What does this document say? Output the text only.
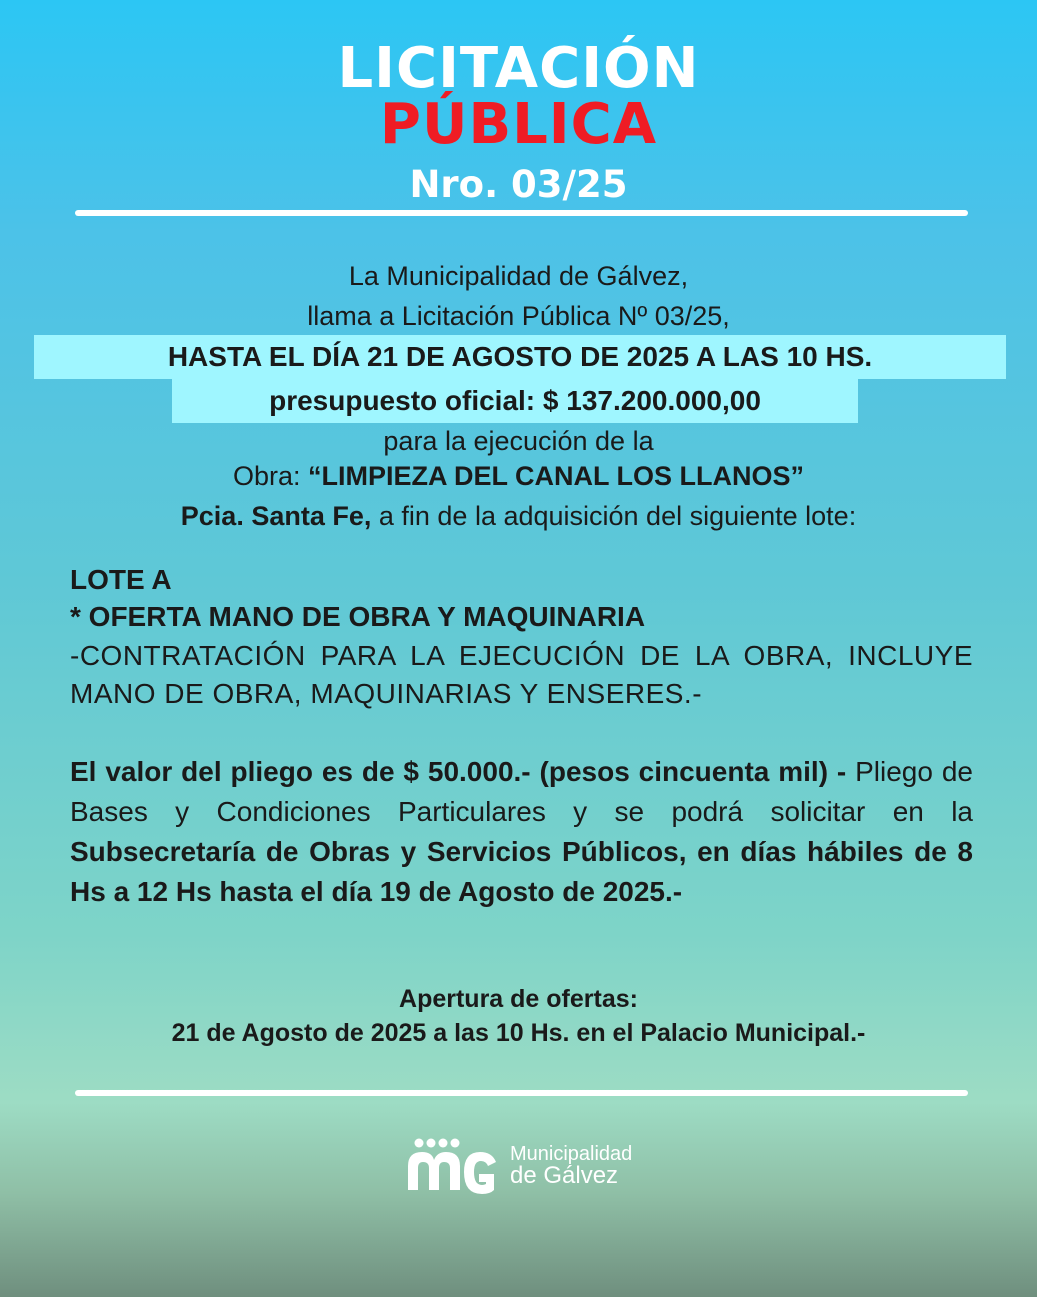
LICITACIÓN
PÚBLICA
Nro. 03/25
La Municipalidad de Gálvez,
llama a Licitación Pública Nº 03/25,
HASTA EL DÍA 21 DE AGOSTO DE 2025 A LAS 10 HS.
presupuesto oficial: $ 137.200.000,00
para la ejecución de la
Obra: “LIMPIEZA DEL CANAL LOS LLANOS”
Pcia. Santa Fe, a fin de la adquisición del siguiente lote:
LOTE A
* OFERTA MANO DE OBRA Y MAQUINARIA
-CONTRATACIÓN PARA LA EJECUCIÓN DE LA OBRA, INCLUYE MANO DE OBRA, MAQUINARIAS Y ENSERES.-
El valor del pliego es de $ 50.000.- (pesos cincuenta mil) - Pliego de Bases y Condiciones Particulares y se podrá solicitar en la Subsecretaría de Obras y Servicios Públicos, en días hábiles de 8 Hs a 12 Hs hasta el día 19 de Agosto de 2025.-
Apertura de ofertas:
21 de Agosto de 2025 a las 10 Hs. en el Palacio Municipal.-
Municipalidad
de Gálvez
